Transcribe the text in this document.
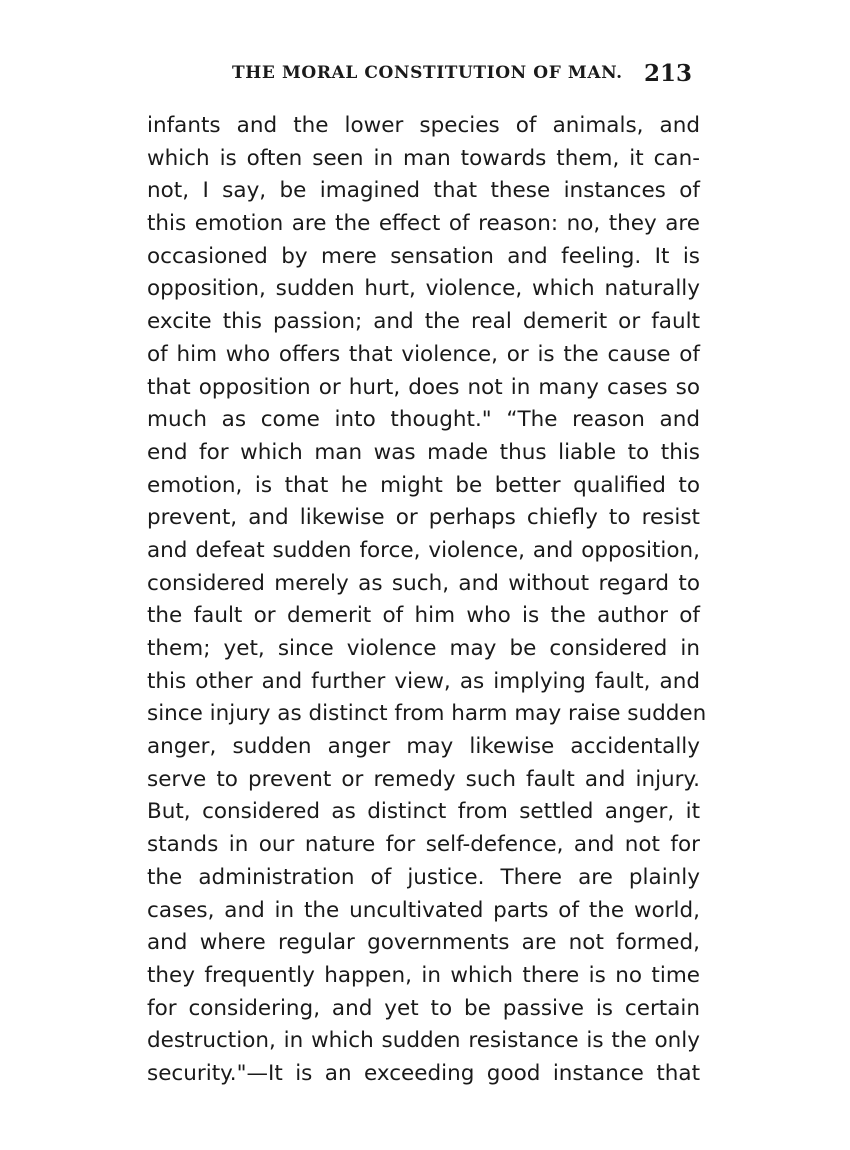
THE MORAL CONSTITUTION OF MAN. 213
infants and the lower species of animals, and
which is often seen in man towards them, it can-
not, I say, be imagined that these instances of
this emotion are the effect of reason: no, they are
occasioned by mere sensation and feeling. It is
opposition, sudden hurt, violence, which naturally
excite this passion; and the real demerit or fault
of him who offers that violence, or is the cause of
that opposition or hurt, does not in many cases so
much as come into thought." “The reason and
end for which man was made thus liable to this
emotion, is that he might be better qualified to
prevent, and likewise or perhaps chiefly to resist
and defeat sudden force, violence, and opposition,
considered merely as such, and without regard to
the fault or demerit of him who is the author of
them; yet, since violence may be considered in
this other and further view, as implying fault, and
since injury as distinct from harm may raise sudden
anger, sudden anger may likewise accidentally
serve to prevent or remedy such fault and injury.
But, considered as distinct from settled anger, it
stands in our nature for self-defence, and not for
the administration of justice. There are plainly
cases, and in the uncultivated parts of the world,
and where regular governments are not formed,
they frequently happen, in which there is no time
for considering, and yet to be passive is certain
destruction, in which sudden resistance is the only
security."—It is an exceeding good instance that
